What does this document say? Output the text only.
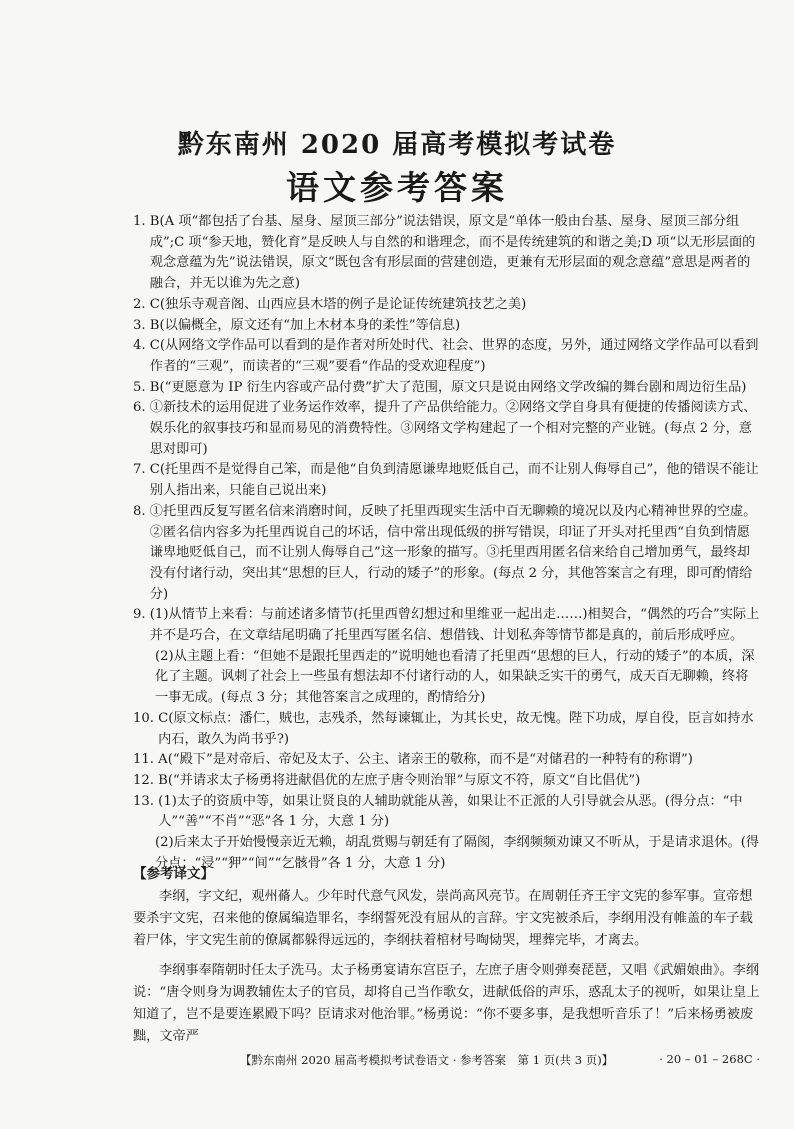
黔东南州 2020 届高考模拟考试卷
语文参考答案
1. B(A 项“都包括了台基、屋身、屋顶三部分”说法错误，原文是“单体一般由台基、屋身、屋顶三部分组成”;C 项“参天地，赞化育”是反映人与自然的和谐理念，而不是传统建筑的和谐之美;D 项“以无形层面的观念意蕴为先”说法错误，原文“既包含有形层面的营建创造，更兼有无形层面的观念意蕴”意思是两者的融合，并无以谁为先之意)
2. C(独乐寺观音阁、山西应县木塔的例子是论证传统建筑技艺之美)
3. B(以偏概全，原文还有“加上木材本身的柔性”等信息)
4. C(从网络文学作品可以看到的是作者对所处时代、社会、世界的态度，另外，通过网络文学作品可以看到作者的“三观”，而读者的“三观”要看“作品的受欢迎程度”)
5. B(“更愿意为 IP 衍生内容或产品付费”扩大了范围，原文只是说由网络文学改编的舞台剧和周边衍生品)
6. ①新技术的运用促进了业务运作效率，提升了产品供给能力。②网络文学自身具有便捷的传播阅读方式、娱乐化的叙事技巧和显而易见的消费特性。③网络文学构建起了一个相对完整的产业链。(每点 2 分，意思对即可)
7. C(托里西不是觉得自己笨，而是他“自负到清愿谦卑地贬低自己，而不让别人侮辱自己”，他的错误不能让别人指出来，只能自己说出来)
8. ①托里西反复写匿名信来消磨时间，反映了托里西现实生活中百无聊赖的境况以及内心精神世界的空虚。②匿名信内容多为托里西说自己的坏话，信中常出现低级的拼写错误，印证了开头对托里西“自负到情愿谦卑地贬低自己，而不让别人侮辱自己”这一形象的描写。③托里西用匿名信来给自己增加勇气，最终却没有付诸行动，突出其“思想的巨人，行动的矮子”的形象。(每点 2 分，其他答案言之有理，即可酌情给分)
9. (1)从情节上来看：与前述诸多情节(托里西曾幻想过和里维亚一起出走……)相契合，“偶然的巧合”实际上并不是巧合，在文章结尾明确了托里西写匿名信、想借钱、计划私奔等情节都是真的，前后形成呼应。
(2)从主题上看：“但她不是跟托里西走的”说明她也看清了托里西“思想的巨人，行动的矮子”的本质，深化了主题。讽刺了社会上一些虽有想法却不付诸行动的人，如果缺乏实干的勇气，成天百无聊赖，终将一事无成。(每点 3 分；其他答案言之成理的，酌情给分)
10. C(原文标点：潘仁，贼也，志残杀，然每谏辄止，为其长史，故无愧。陛下功成，厚自役，臣言如持水内石，敢久为尚书乎?)
11. A(“殿下”是对帝后、帝妃及太子、公主、诸亲王的敬称，而不是“对储君的一种特有的称谓”)
12. B(“并请求太子杨勇将进献倡优的左庶子唐令则治罪”与原文不符，原文“自比倡优”)
13. (1)太子的资质中等，如果让贤良的人辅助就能从善，如果让不正派的人引导就会从恶。(得分点：“中人”“善”“不肖”“恶”各 1 分，大意 1 分)
(2)后来太子开始慢慢亲近无赖，胡乱赏赐与朝廷有了隔阂，李纲频频劝谏又不听从，于是请求退休。(得分点：“浸”“狎”“间”“乞骸骨”各 1 分，大意 1 分)
【参考译文】

李纲，字文纪，观州蓨人。少年时代意气风发，崇尚高风亮节。在周朝任齐王宇文宪的参军事。宣帝想要杀宇文宪，召来他的僚属编造罪名，李纲誓死没有屈从的言辞。宇文宪被杀后，李纲用没有帷盖的车子载着尸体，宇文宪生前的僚属都躲得远远的，李纲扶着棺材号啕恸哭，埋葬完毕，才离去。

李纲事奉隋朝时任太子洗马。太子杨勇宴请东宫臣子，左庶子唐令则弹奏琵琶，又唱《武媚娘曲》。李纲说：“唐令则身为调教辅佐太子的官员，却将自己当作歌女，进献低俗的声乐，惑乱太子的视听，如果让皇上知道了，岂不是要连累殿下吗？臣请求对他治罪。”杨勇说：“你不要多事，是我想听音乐了！”后来杨勇被废黜，文帝严

【黔东南州 2020 届高考模拟考试卷语文 · 参考答案　第 1 页(共 3 页)】	· 20 – 01 – 268C ·
